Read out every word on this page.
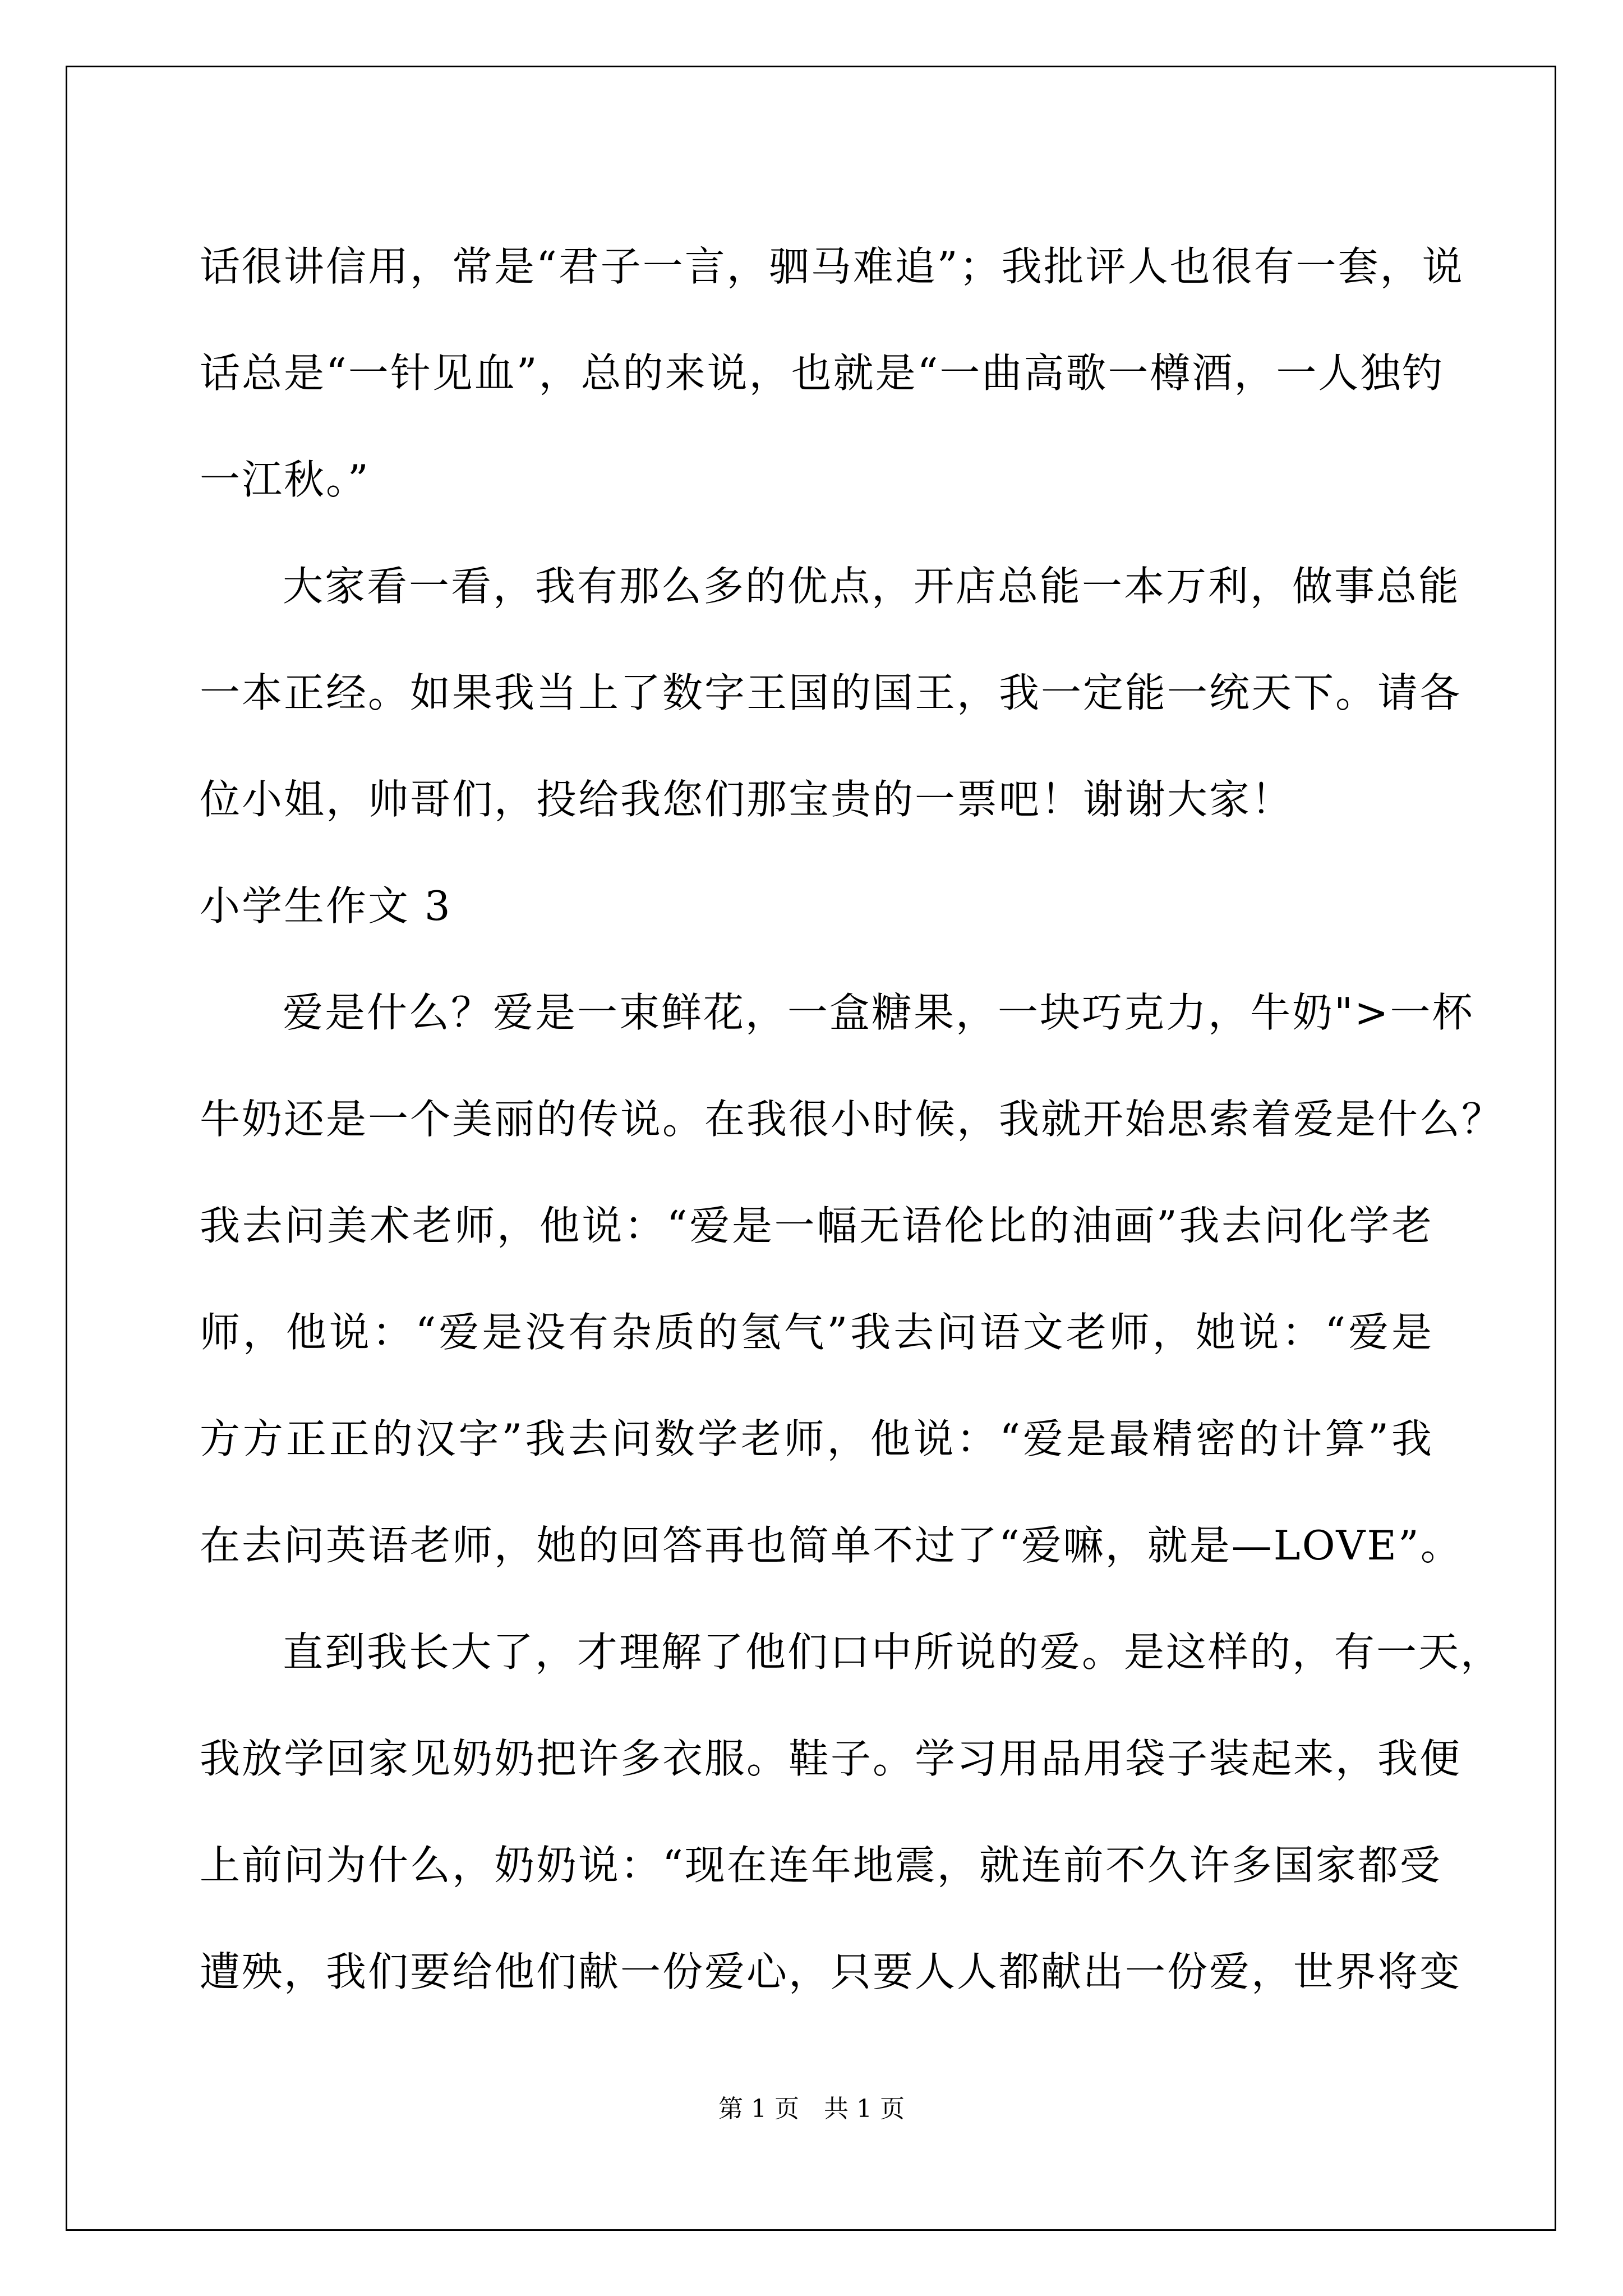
话很讲信用，常是“君子一言，驷马难追”；我批评人也很有一套，说
话总是“一针见血”，总的来说，也就是“一曲高歌一樽酒，一人独钓
一江秋。”
大家看一看，我有那么多的优点，开店总能一本万利，做事总能
一本正经。如果我当上了数字王国的国王，我一定能一统天下。请各
位小姐，帅哥们，投给我您们那宝贵的一票吧！谢谢大家！
小学生作文 3
爱是什么？爱是一束鲜花，一盒糖果，一块巧克力，牛奶">一杯
牛奶还是一个美丽的传说。在我很小时候，我就开始思索着爱是什么？
我去问美术老师，他说：“爱是一幅无语伦比的油画”我去问化学老
师，他说：“爱是没有杂质的氢气”我去问语文老师，她说：“爱是
方方正正的汉字”我去问数学老师，他说：“爱是最精密的计算”我
在去问英语老师，她的回答再也简单不过了“爱嘛，就是—LOVE”。
直到我长大了，才理解了他们口中所说的爱。是这样的，有一天，
我放学回家见奶奶把许多衣服。鞋子。学习用品用袋子装起来，我便
上前问为什么，奶奶说：“现在连年地震，就连前不久许多国家都受
遭殃，我们要给他们献一份爱心，只要人人都献出一份爱，世界将变
第 1 页　共 1 页
